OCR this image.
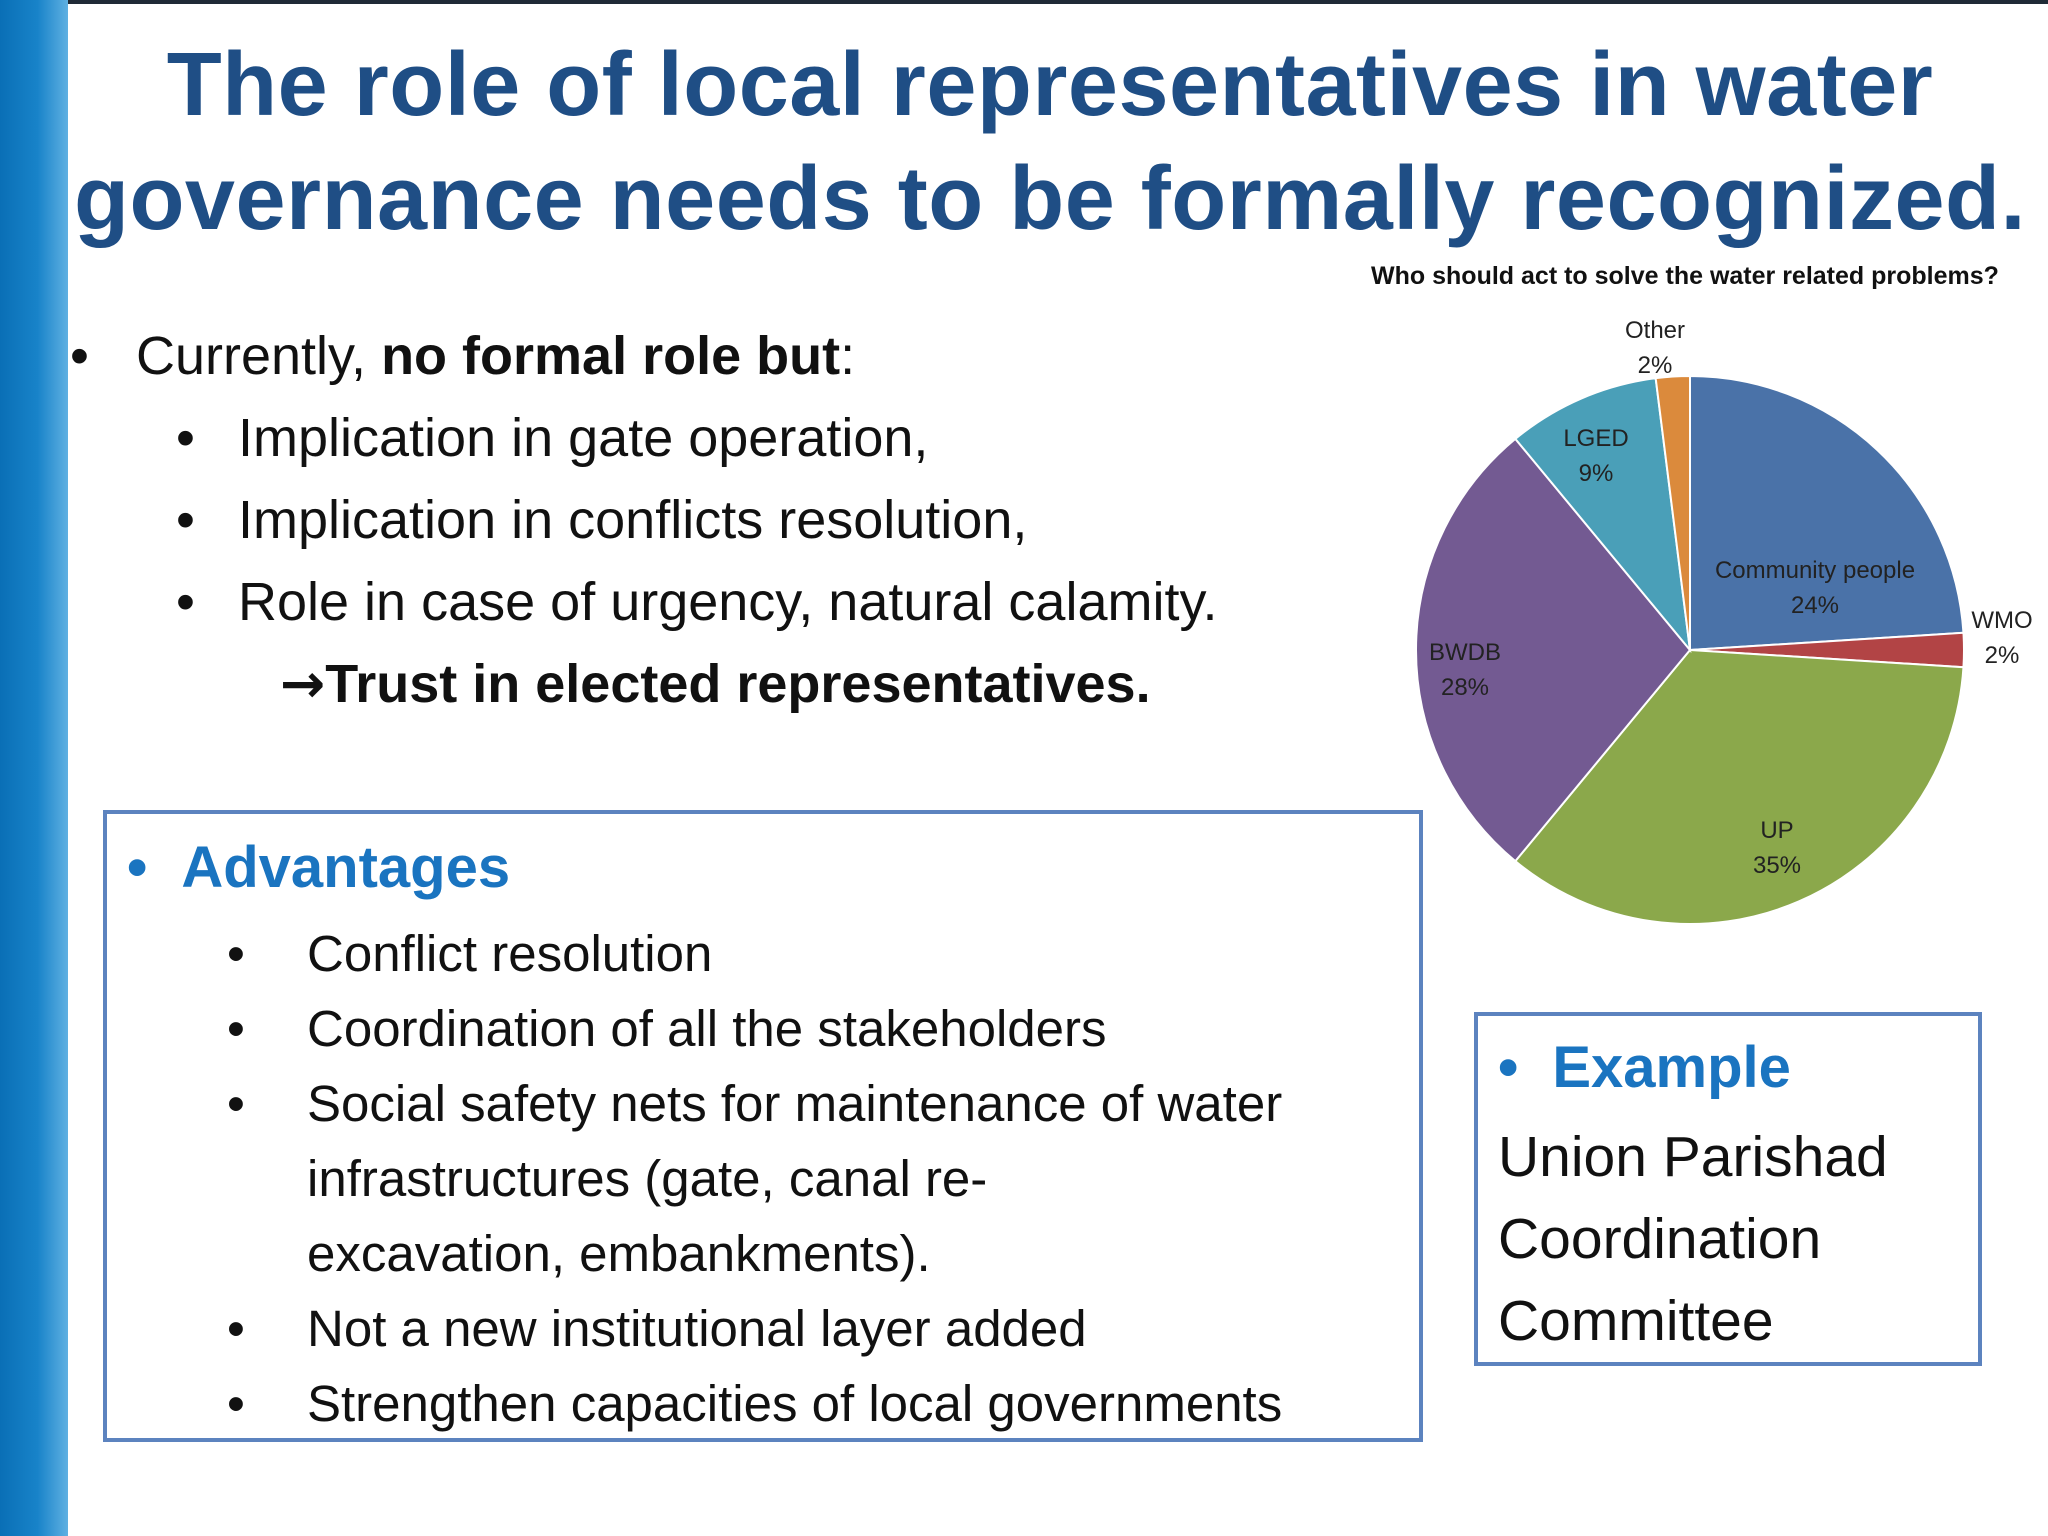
The role of local representatives in water
governance needs to be formally recognized.
• Currently, no formal role but:
• Implication in gate operation,
• Implication in conflicts resolution,
• Role in case of urgency, natural calamity.
→Trust in elected representatives.
• Advantages
• Conflict resolution
• Coordination of all the stakeholders
• Social safety nets for maintenance of water
infrastructures (gate, canal re-
excavation, embankments).
• Not a new institutional layer added
• Strengthen capacities of local governments
• Example
Union Parishad
Coordination
Committee
Who should act to solve the water related problems?
Community people
24%
WMO
2%
UP
35%
BWDB
28%
LGED
9%
Other
2%
